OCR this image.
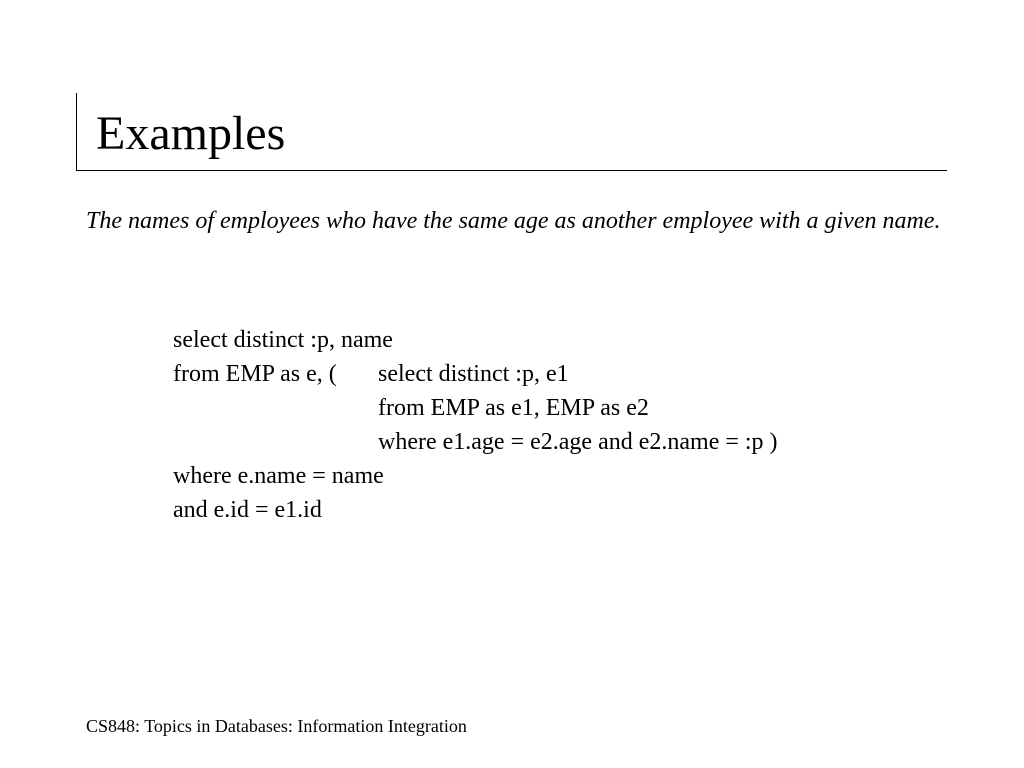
Examples

The names of employees who have the same age as another employee with a given name.

select distinct :p, name
from EMP as e, ( select distinct :p, e1
from EMP as e1, EMP as e2
where e1.age = e2.age and e2.name = :p )
where e.name = name
and e.id = e1.id

CS848: Topics in Databases: Information Integration
